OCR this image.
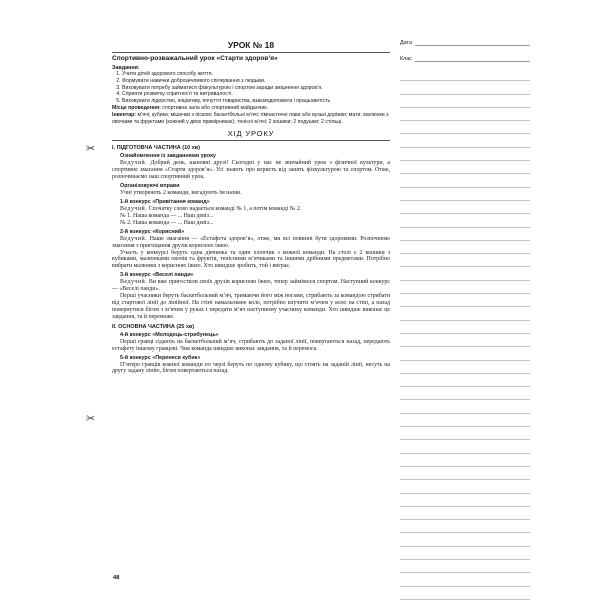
✂
✂
УРОК № 18
Спортивно-розважальний урок «Старти здоров’я»
Завдання:
1. Учити дітей здорового способу життя.
2. Формувати навички доброзичливого спілкування з людьми.
3. Виховувати потребу займатися фізкультурою і спортом заради зміцнення здоров’я.
4. Сприяти розвитку спритності та витривалості.
5. Виховувати лідерство, ініціативу, почуття товариства, взаємодопомоги і працьовитість

Місце проведення: спортивна зала або спортивний майданчик.

Інвентар: м’ячі; кубики; мішечки з піском; баскетбольні м’ячі; гімнастичні лави або вузькі доріжки; мати; малюнки з овочами та фруктами (кожний у двох примірниках); тенісні м’ячі; 2 кошики; 2 подушки; 2 стільці.

ХІД УРОКУ
І. ПІДГОТОВЧА ЧАСТИНА (10 хв)
Ознайомлення із завданнями уроку

Ведучий. Добрий день, шановні друзі! Сьогодні у нас не звичайний урок з фізичної культури, а спортивне змагання «Старти здоров’я». Усі знають про користь від занять фізкультурою та спортом. Отже, розпочинаємо наш спортивний урок.

Організовуючі вправи

Учні утворюють 2 команди, вигадують їм назви.

1-й конкурс «Привітання команд»

Ведучий. Спочатку слово надається командi № 1, а потім команді № 2.

№ 1. Наша команда — ... Наш девіз...

№ 2. Наша команда — ... Наш девіз...

2-й конкурс «Корисний»

Ведучий. Наше змагання — «Естафета здоров’я», отже, ми всі повинні бути здоровими. Розпочнемо змагання з пригощання друзів корисною їжею.

Участь у конкурсі беруть одна дівчинка та один хлопчик з кожної команди. На столі є 2 кошики з кубиками, малюнками овочів та фруктів, тенісними м’ячиками та іншими дрібними предметами. Потрібно вибрати малюнки з корисною їжею. Хто швидше зробить, той і виграє.

3-й конкурс «Веселі панди»

Ведучий. Ви вже пригостили своїх друзів корисною їжею, тепер займімося спортом. Наступний конкурс — «Веселі панди».

Перші учасники беруть баскетбольний м’яч, тримаючи його між ногами, стрибають за командою стрибати від стартової лінії до лінійної. На стіні намальоване коло, потрібно влучити м’ячем у коло на стіні, а назад повернутися бігом з м’ячем у руках і передати м’яч наступному учаснику команди. Хто швидше виконає це завдання, та й переможе.

ІІ. ОСНОВНА ЧАСТИНА (25 хв)
4-й конкурс «Молодець-стрибунець»

Перші гравці сідають на баскетбольний м’яч, стрибають до заданої лінії, повертаються назад, передають естафету іншому гравцеві. Чия команда швидше виконає завдання, та й перемога.

5-й конкурс «Перенеси кубик»

П’ятеро гравців кожної команди по черзі беруть по одному кубику, що стоять на заданій лінії, несуть на другу задану лінію, бігом повертаються назад.

48
Дата
Клас
